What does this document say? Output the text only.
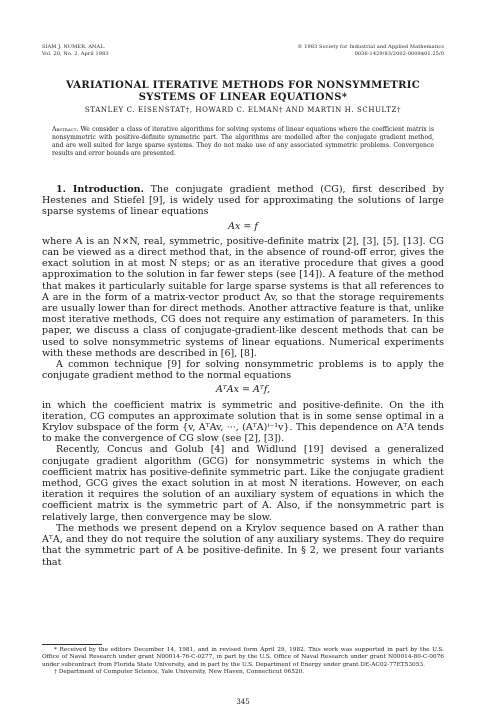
SIAM J. NUMER. ANAL.
Vol. 20, No. 2, April 1983
© 1983 Society for Industrial and Applied Mathematics
0036-1429/83/2002-0009$01.25/0
VARIATIONAL ITERATIVE METHODS FOR NONSYMMETRIC
SYSTEMS OF LINEAR EQUATIONS*
STANLEY C. EISENSTAT†, HOWARD C. ELMAN† AND MARTIN H. SCHULTZ†
Abstract. We consider a class of iterative algorithms for solving systems of linear equations where the coefficient matrix is nonsymmetric with positive-definite symmetric part. The algorithms are modelled after the conjugate gradient method, and are well suited for large sparse systems. They do not make use of any associated symmetric problems. Convergence results and error bounds are presented.

1. Introduction. The conjugate gradient method (CG), first described by Hestenes and Stiefel [9], is widely used for approximating the solutions of large sparse systems of linear equations

Ax = f

where A is an N×N, real, symmetric, positive-definite matrix [2], [3], [5], [13]. CG can be viewed as a direct method that, in the absence of round-off error, gives the exact solution in at most N steps; or as an iterative procedure that gives a good approximation to the solution in far fewer steps (see [14]). A feature of the method that makes it particularly suitable for large sparse systems is that all references to A are in the form of a matrix-vector product Av, so that the storage requirements are usually lower than for direct methods. Another attractive feature is that, unlike most iterative methods, CG does not require any estimation of parameters. In this paper, we discuss a class of conjugate-gradient-like descent methods that can be used to solve nonsymmetric systems of linear equations. Numerical experiments with these methods are described in [6], [8].

A common technique [9] for solving nonsymmetric problems is to apply the conjugate gradient method to the normal equations

AᵀAx = Aᵀf,

in which the coefficient matrix is symmetric and positive-definite. On the ith iteration, CG computes an approximate solution that is in some sense optimal in a Krylov subspace of the form {v, AᵀAv, ···, (AᵀA)ⁱ⁻¹v}. This dependence on AᵀA tends to make the convergence of CG slow (see [2], [3]).

Recently, Concus and Golub [4] and Widlund [19] devised a generalized conjugate gradient algorithm (GCG) for nonsymmetric systems in which the coefficient matrix has positive-definite symmetric part. Like the conjugate gradient method, GCG gives the exact solution in at most N iterations. However, on each iteration it requires the solution of an auxiliary system of equations in which the coefficient matrix is the symmetric part of A. Also, if the nonsymmetric part is relatively large, then convergence may be slow.

The methods we present depend on a Krylov sequence based on A rather than AᵀA, and they do not require the solution of any auxiliary systems. They do require that the symmetric part of A be positive-definite. In § 2, we present four variants that

* Received by the editors December 14, 1981, and in revised form April 29, 1982. This work was supported in part by the U.S. Office of Naval Research under grant N00014-76-C-0277, in part by the U.S. Office of Naval Research under grant N00014-80-C-0076 under subcontract from Florida State University, and in part by the U.S. Department of Energy under grant DE-AC02-77ET53053.

† Department of Computer Science, Yale University, New Haven, Connecticut 06520.

345
